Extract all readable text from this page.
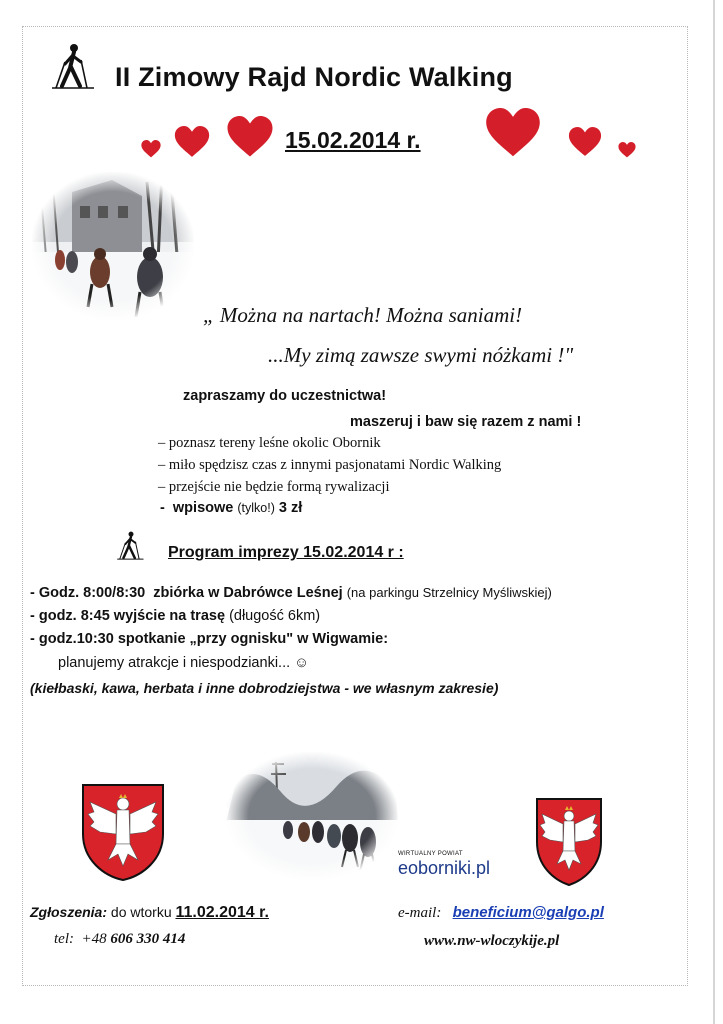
II Zimowy Rajd Nordic Walking
15.02.2014 r.
„ Można na nartach! Można saniami!
...My zimą zawsze swymi nóżkami !"
zapraszamy do uczestnictwa!
maszeruj i baw się razem z nami !
– poznasz tereny leśne okolic Obornik
– miło spędzisz czas z innymi pasjonatami Nordic Walking
– przejście nie będzie formą rywalizacji
- wpisowe (tylko!) 3 zł
Program imprezy 15.02.2014 r :
- Godz. 8:00/8:30 zbiórka w Dabrówce Leśnej (na parkingu Strzelnicy Myśliwskiej)
- godz. 8:45 wyjście na trasę (długość 6km)
- godz.10:30 spotkanie „przy ognisku" w Wigwamie:
planujemy atrakcje i niespodzianki... ☺
(kiełbaski, kawa, herbata i inne dobrodziejstwa - we własnym zakresie)
WIRTUALNY POWIAT
eoborniki.pl
Zgłoszenia: do wtorku 11.02.2014 r.
tel: +48 606 330 414
e-mail: beneficium@galgo.pl
www.nw-wloczykije.pl
